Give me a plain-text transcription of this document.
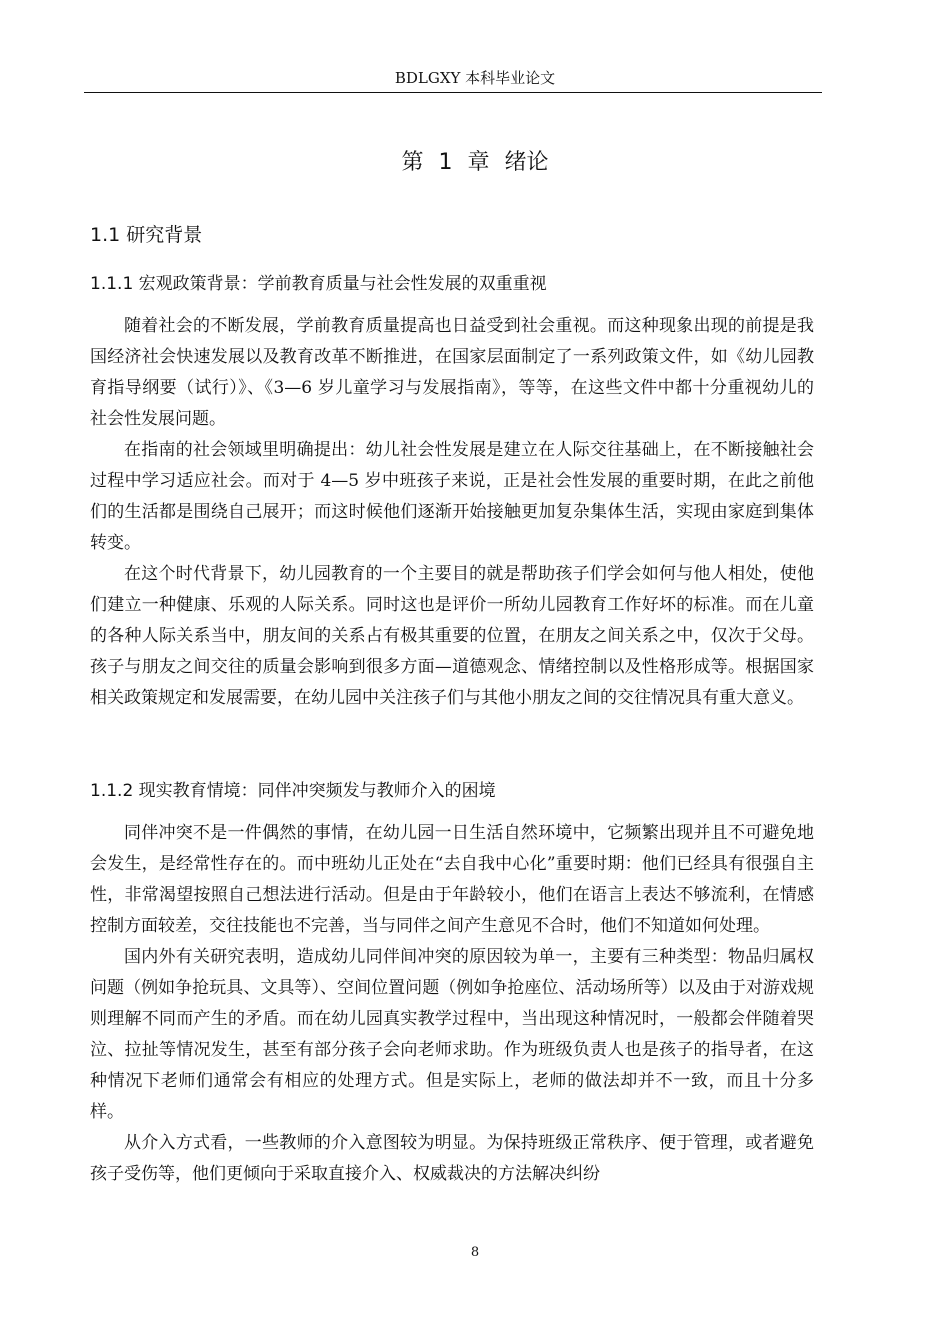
BDLGXY 本科毕业论文
第 1 章 绪论
1.1 研究背景
1.1.1 宏观政策背景：学前教育质量与社会性发展的双重重视

随着社会的不断发展，学前教育质量提高也日益受到社会重视。而这种现象出现的前提是我国经济社会快速发展以及教育改革不断推进，在国家层面制定了一系列政策文件，如《幼儿园教育指导纲要（试行）》、《3—6 岁儿童学习与发展指南》，等等，在这些文件中都十分重视幼儿的社会性发展问题。

在指南的社会领域里明确提出：幼儿社会性发展是建立在人际交往基础上，在不断接触社会过程中学习适应社会。而对于 4—5 岁中班孩子来说，正是社会性发展的重要时期，在此之前他们的生活都是围绕自己展开；而这时候他们逐渐开始接触更加复杂集体生活，实现由家庭到集体转变。

在这个时代背景下，幼儿园教育的一个主要目的就是帮助孩子们学会如何与他人相处，使他们建立一种健康、乐观的人际关系。同时这也是评价一所幼儿园教育工作好坏的标准。而在儿童的各种人际关系当中，朋友间的关系占有极其重要的位置，在朋友之间关系之中，仅次于父母。孩子与朋友之间交往的质量会影响到很多方面—道德观念、情绪控制以及性格形成等。根据国家相关政策规定和发展需要，在幼儿园中关注孩子们与其他小朋友之间的交往情况具有重大意义。

1.1.2 现实教育情境：同伴冲突频发与教师介入的困境

同伴冲突不是一件偶然的事情，在幼儿园一日生活自然环境中，它频繁出现并且不可避免地会发生，是经常性存在的。而中班幼儿正处在“去自我中心化”重要时期：他们已经具有很强自主性，非常渴望按照自己想法进行活动。但是由于年龄较小，他们在语言上表达不够流利，在情感控制方面较差，交往技能也不完善，当与同伴之间产生意见不合时，他们不知道如何处理。

国内外有关研究表明，造成幼儿同伴间冲突的原因较为单一，主要有三种类型：物品归属权问题（例如争抢玩具、文具等）、空间位置问题（例如争抢座位、活动场所等）以及由于对游戏规则理解不同而产生的矛盾。而在幼儿园真实教学过程中，当出现这种情况时，一般都会伴随着哭泣、拉扯等情况发生，甚至有部分孩子会向老师求助。作为班级负责人也是孩子的指导者，在这种情况下老师们通常会有相应的处理方式。但是实际上，老师的做法却并不一致，而且十分多样。

从介入方式看，一些教师的介入意图较为明显。为保持班级正常秩序、便于管理，或者避免孩子受伤等，他们更倾向于采取直接介入、权威裁决的方法解决纠纷

8
